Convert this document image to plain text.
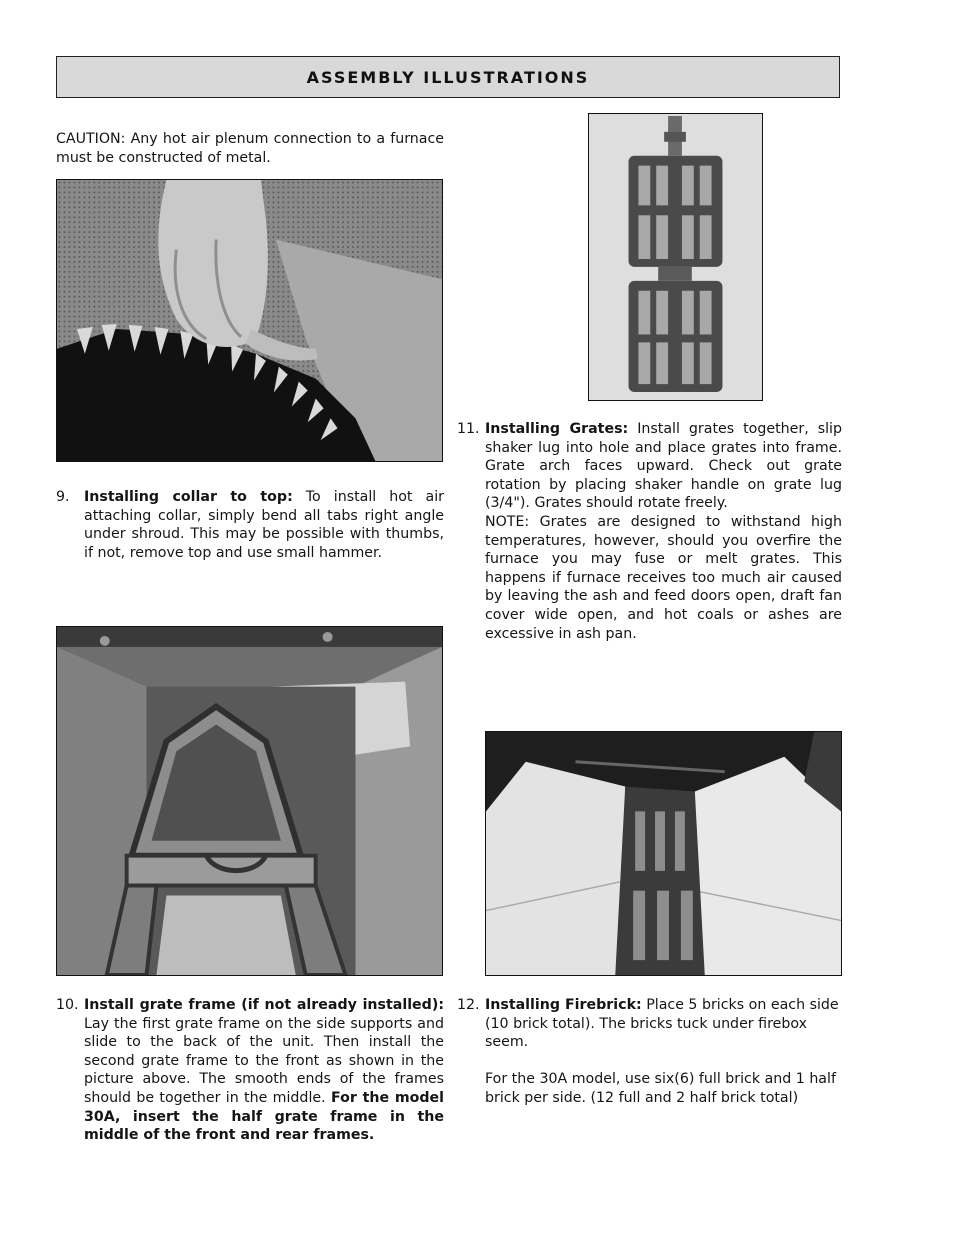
ASSEMBLY ILLUSTRATIONS
CAUTION: Any hot air plenum connection to a furnace must be constructed of metal.
9.	Installing collar to top: To install hot air attaching collar, simply bend all tabs right angle under shroud. This may be possible with thumbs, if not, remove top and use small hammer.
10. Install grate frame (if not already installed): Lay the first grate frame on the side supports and slide to the back of the unit. Then install the second grate frame to the front as shown in the picture above. The smooth ends of the frames should be together in the middle. For the model 30A, insert the half grate frame in the middle of the front and rear frames.
11. Installing Grates: Install grates together, slip shaker lug into hole and place grates into frame. Grate arch faces upward. Check out grate rotation by placing shaker handle on grate lug (3/4"). Grates should rotate freely.
NOTE: Grates are designed to withstand high temperatures, however, should you overfire the furnace you may fuse or melt grates. This happens if furnace receives too much air caused by leaving the ash and feed doors open, draft fan cover wide open, and hot coals or ashes are excessive in ash pan.
12. Installing Firebrick: Place 5 bricks on each side (10 brick total). The bricks tuck under firebox seem.

For the 30A model, use six(6) full brick and 1 half brick per side. (12 full and 2 half brick total)
